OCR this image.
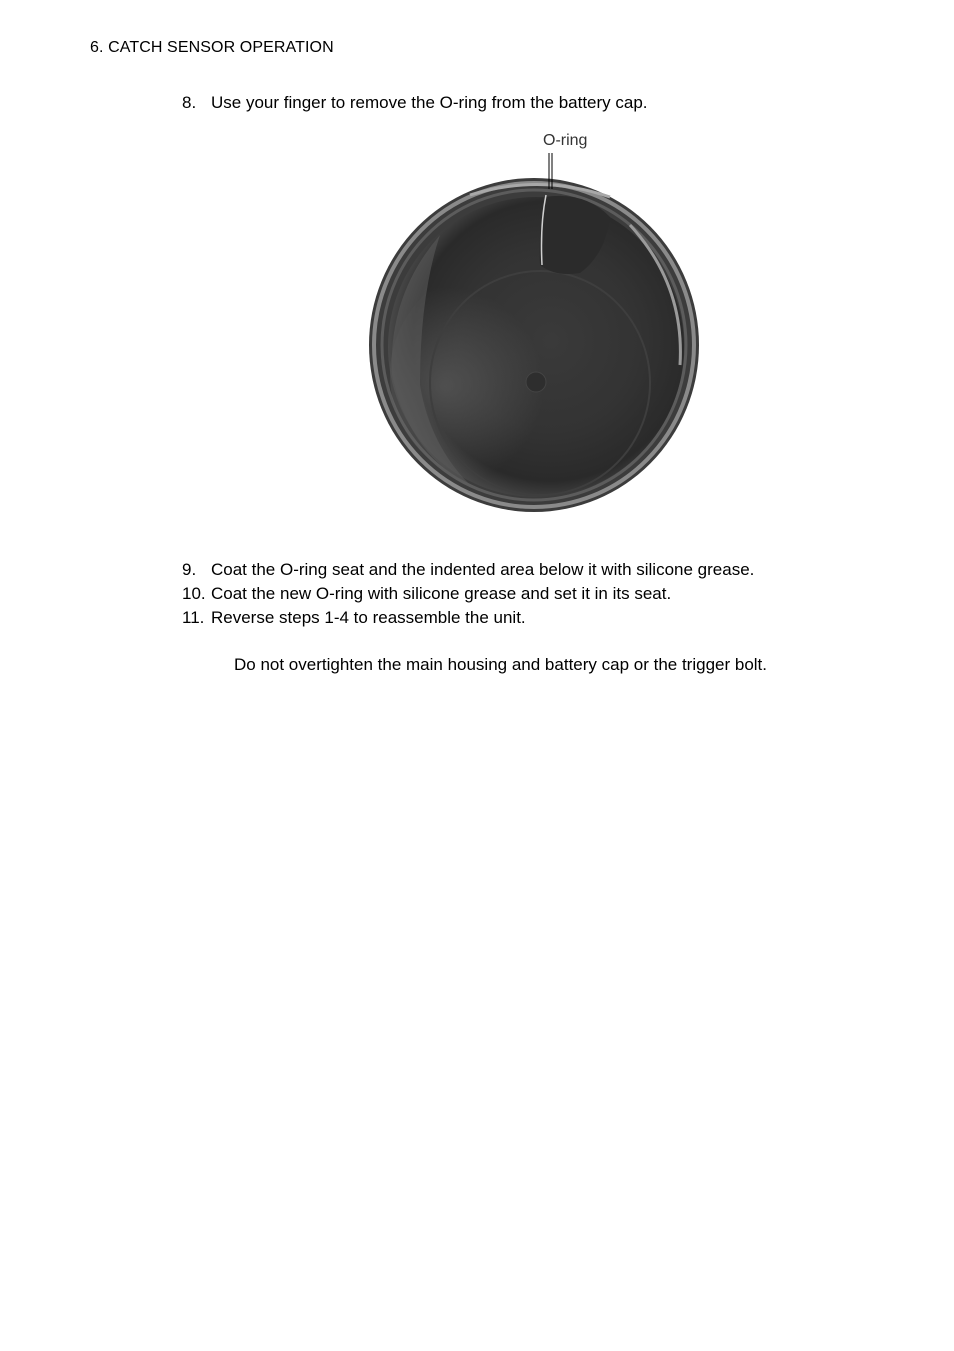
6. CATCH SENSOR OPERATION
8. Use your finger to remove the O-ring from the battery cap.
O-ring
9. Coat the O-ring seat and the indented area below it with silicone grease.
10. Coat the new O-ring with silicone grease and set it in its seat.
11. Reverse steps 1-4 to reassemble the unit.
Do not overtighten the main housing and battery cap or the trigger bolt.
